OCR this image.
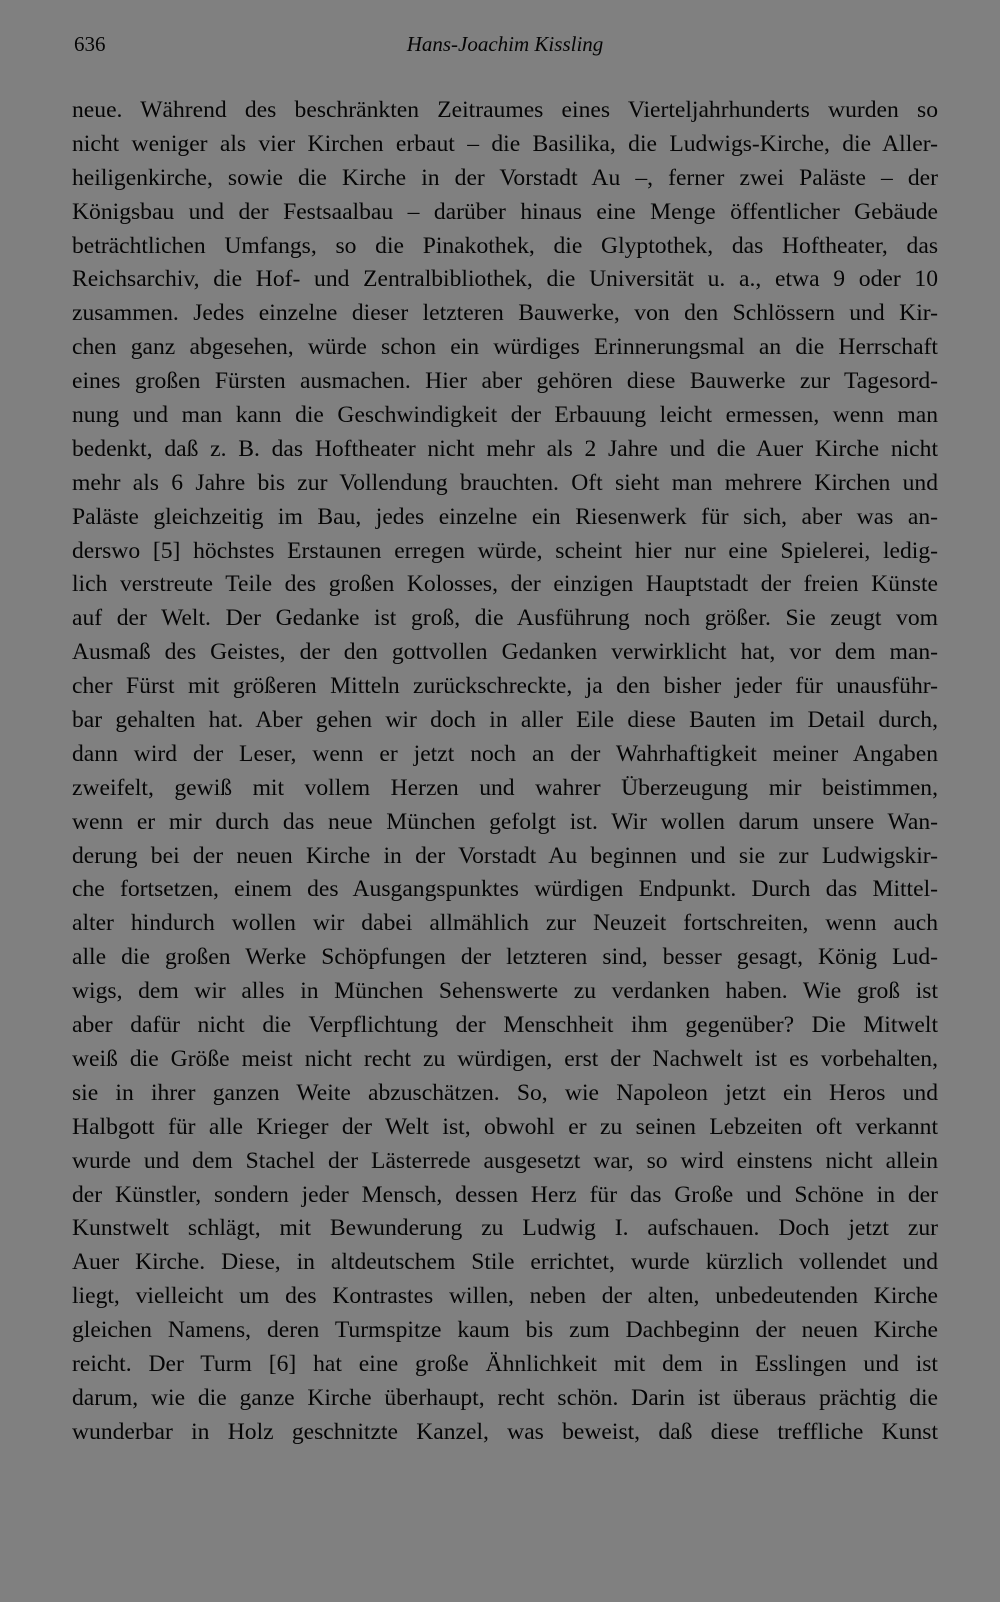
636	Hans-Joachim Kissling
neue. Während des beschränkten Zeitraumes eines Vierteljahrhunderts wurden so
nicht weniger als vier Kirchen erbaut – die Basilika, die Ludwigs-Kirche, die Aller-
heiligenkirche, sowie die Kirche in der Vorstadt Au –, ferner zwei Paläste – der
Königsbau und der Festsaalbau – darüber hinaus eine Menge öffentlicher Gebäude
beträchtlichen Umfangs, so die Pinakothek, die Glyptothek, das Hoftheater, das
Reichsarchiv, die Hof- und Zentralbibliothek, die Universität u. a., etwa 9 oder 10
zusammen. Jedes einzelne dieser letzteren Bauwerke, von den Schlössern und Kir-
chen ganz abgesehen, würde schon ein würdiges Erinnerungsmal an die Herrschaft
eines großen Fürsten ausmachen. Hier aber gehören diese Bauwerke zur Tagesord-
nung und man kann die Geschwindigkeit der Erbauung leicht ermessen, wenn man
bedenkt, daß z. B. das Hoftheater nicht mehr als 2 Jahre und die Auer Kirche nicht
mehr als 6 Jahre bis zur Vollendung brauchten. Oft sieht man mehrere Kirchen und
Paläste gleichzeitig im Bau, jedes einzelne ein Riesenwerk für sich, aber was an-
derswo [5] höchstes Erstaunen erregen würde, scheint hier nur eine Spielerei, ledig-
lich verstreute Teile des großen Kolosses, der einzigen Hauptstadt der freien Künste
auf der Welt. Der Gedanke ist groß, die Ausführung noch größer. Sie zeugt vom
Ausmaß des Geistes, der den gottvollen Gedanken verwirklicht hat, vor dem man-
cher Fürst mit größeren Mitteln zurückschreckte, ja den bisher jeder für unausführ-
bar gehalten hat. Aber gehen wir doch in aller Eile diese Bauten im Detail durch,
dann wird der Leser, wenn er jetzt noch an der Wahrhaftigkeit meiner Angaben
zweifelt, gewiß mit vollem Herzen und wahrer Überzeugung mir beistimmen,
wenn er mir durch das neue München gefolgt ist. Wir wollen darum unsere Wan-
derung bei der neuen Kirche in der Vorstadt Au beginnen und sie zur Ludwigskir-
che fortsetzen, einem des Ausgangspunktes würdigen Endpunkt. Durch das Mittel-
alter hindurch wollen wir dabei allmählich zur Neuzeit fortschreiten, wenn auch
alle die großen Werke Schöpfungen der letzteren sind, besser gesagt, König Lud-
wigs, dem wir alles in München Sehenswerte zu verdanken haben. Wie groß ist
aber dafür nicht die Verpflichtung der Menschheit ihm gegenüber? Die Mitwelt
weiß die Größe meist nicht recht zu würdigen, erst der Nachwelt ist es vorbehalten,
sie in ihrer ganzen Weite abzuschätzen. So, wie Napoleon jetzt ein Heros und
Halbgott für alle Krieger der Welt ist, obwohl er zu seinen Lebzeiten oft verkannt
wurde und dem Stachel der Lästerrede ausgesetzt war, so wird einstens nicht allein
der Künstler, sondern jeder Mensch, dessen Herz für das Große und Schöne in der
Kunstwelt schlägt, mit Bewunderung zu Ludwig I. aufschauen. Doch jetzt zur
Auer Kirche. Diese, in altdeutschem Stile errichtet, wurde kürzlich vollendet und
liegt, vielleicht um des Kontrastes willen, neben der alten, unbedeutenden Kirche
gleichen Namens, deren Turmspitze kaum bis zum Dachbeginn der neuen Kirche
reicht. Der Turm [6] hat eine große Ähnlichkeit mit dem in Esslingen und ist
darum, wie die ganze Kirche überhaupt, recht schön. Darin ist überaus prächtig die
wunderbar in Holz geschnitzte Kanzel, was beweist, daß diese treffliche Kunst
